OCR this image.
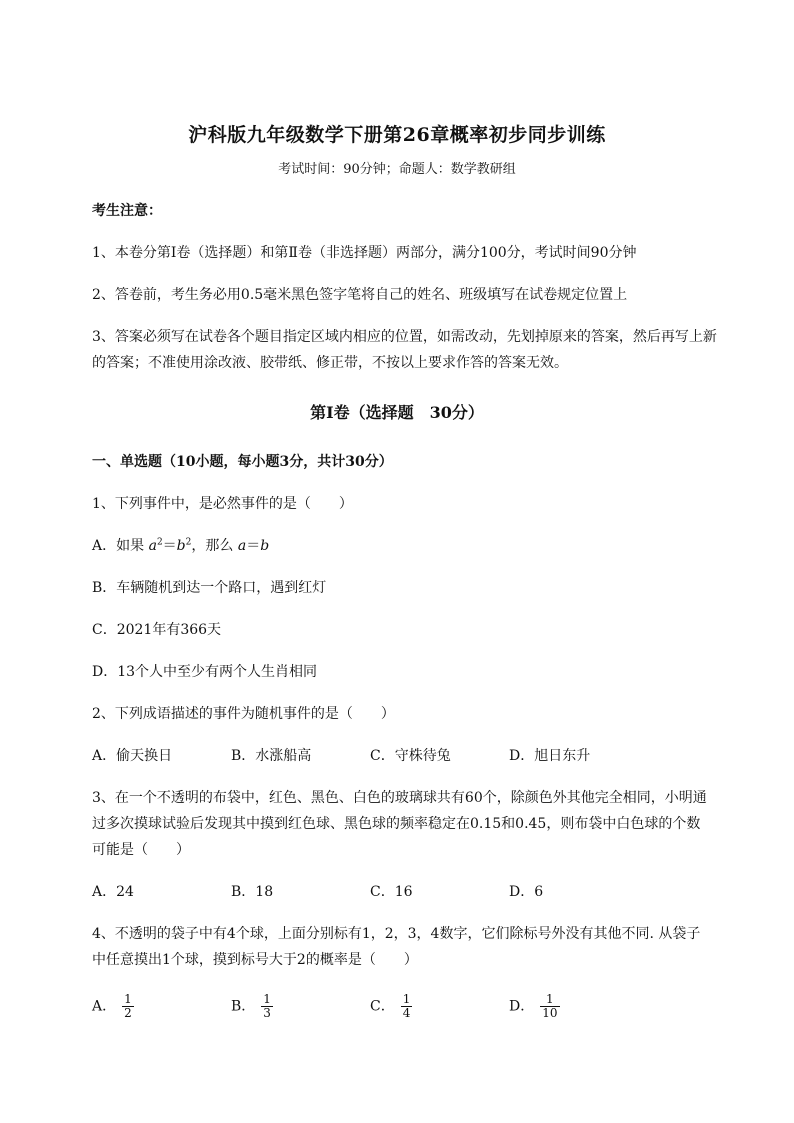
沪科版九年级数学下册第26章概率初步同步训练
考试时间：90分钟；命题人：数学教研组
考生注意：
1、本卷分第I卷（选择题）和第Ⅱ卷（非选择题）两部分，满分100分，考试时间90分钟
2、答卷前，考生务必用0.5毫米黑色签字笔将自己的姓名、班级填写在试卷规定位置上
3、答案必须写在试卷各个题目指定区域内相应的位置，如需改动，先划掉原来的答案，然后再写上新
的答案；不准使用涂改液、胶带纸、修正带，不按以上要求作答的答案无效。
第I卷（选择题　30分）
一、单选题（10小题，每小题3分，共计30分）
1、下列事件中，是必然事件的是（　　）
A．如果 $a^2=b^2$，那么 a＝b
B．车辆随机到达一个路口，遇到红灯
C．2021年有366天
D．13个人中至少有两个人生肖相同
2、下列成语描述的事件为随机事件的是（　　）
A．偷天换日	B．水涨船高	C．守株待兔	D．旭日东升
3、在一个不透明的布袋中，红色、黑色、白色的玻璃球共有60个，除颜色外其他完全相同，小明通
过多次摸球试验后发现其中摸到红色球、黑色球的频率稳定在0.15和0.45，则布袋中白色球的个数
可能是（　　）
A．24	B．18	C．16	D．6
4、不透明的袋子中有4个球，上面分别标有1，2，3，4数字，它们除标号外没有其他不同. 从袋子
中任意摸出1个球，摸到标号大于2的概率是（　　）
A． $\frac{1}{2}$	B． $\frac{1}{3}$	C． $\frac{1}{4}$	D． $\frac{1}{10}$
